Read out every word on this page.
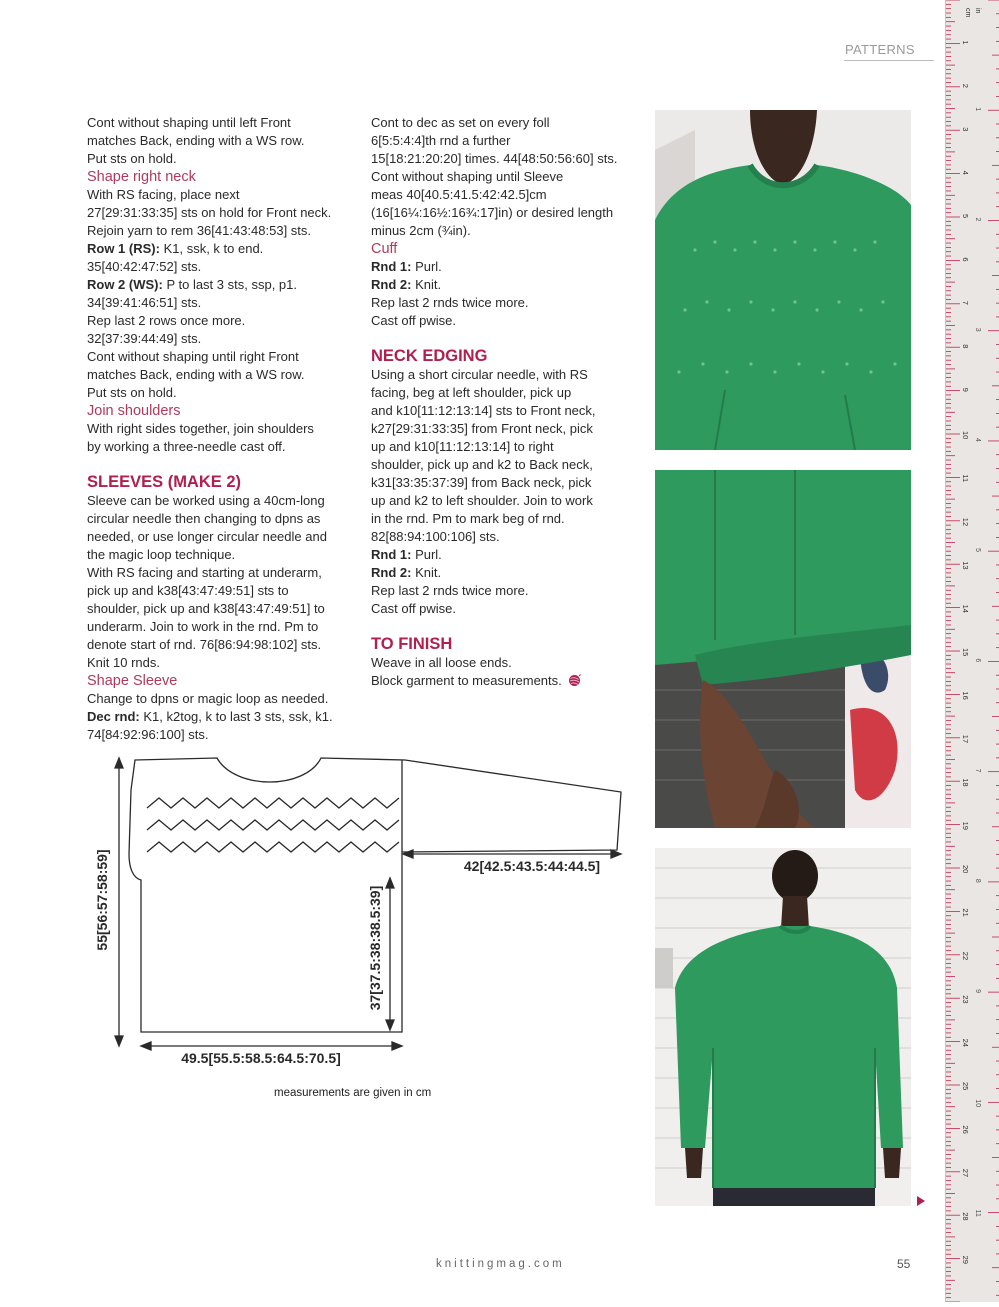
PATTERNS
Cont without shaping until left Front
matches Back, ending with a WS row.
Put sts on hold.
Shape right neck
With RS facing, place next
27[29:31:33:35] sts on hold for Front neck.
Rejoin yarn to rem 36[41:43:48:53] sts.
Row 1 (RS): K1, ssk, k to end.
35[40:42:47:52] sts.
Row 2 (WS): P to last 3 sts, ssp, p1.
34[39:41:46:51] sts.
Rep last 2 rows once more.
32[37:39:44:49] sts.
Cont without shaping until right Front
matches Back, ending with a WS row.
Put sts on hold.
Join shoulders
With right sides together, join shoulders
by working a three-needle cast off.
SLEEVES (MAKE 2)
Sleeve can be worked using a 40cm-long
circular needle then changing to dpns as
needed, or use longer circular needle and
the magic loop technique.
With RS facing and starting at underarm,
pick up and k38[43:47:49:51] sts to
shoulder, pick up and k38[43:47:49:51] to
underarm. Join to work in the rnd. Pm to
denote start of rnd. 76[86:94:98:102] sts.
Knit 10 rnds.
Shape Sleeve
Change to dpns or magic loop as needed.
Dec rnd: K1, k2tog, k to last 3 sts, ssk, k1.
74[84:92:96:100] sts.
Cont to dec as set on every foll
6[5:5:4:4]th rnd a further
15[18:21:20:20] times. 44[48:50:56:60] sts.
Cont without shaping until Sleeve
meas 40[40.5:41.5:42:42.5]cm
(16[16¼:16½:16¾:17]in) or desired length
minus 2cm (¾in).
Cuff
Rnd 1: Purl.
Rnd 2: Knit.
Rep last 2 rnds twice more.
Cast off pwise.
NECK EDGING
Using a short circular needle, with RS
facing, beg at left shoulder, pick up
and k10[11:12:13:14] sts to Front neck,
k27[29:31:33:35] from Front neck, pick
up and k10[11:12:13:14] to right
shoulder, pick up and k2 to Back neck,
k31[33:35:37:39] from Back neck, pick
up and k2 to left shoulder. Join to work
in the rnd. Pm to mark beg of rnd.
82[88:94:100:106] sts.
Rnd 1: Purl.
Rnd 2: Knit.
Rep last 2 rnds twice more.
Cast off pwise.
TO FINISH
Weave in all loose ends.
Block garment to measurements.
55[56:57:58:59]	37[37.5:38:38.5:39]
42[42.5:43.5:44:44.5]
49.5[55.5:58.5:64.5:70.5]
measurements are given in cm
cm in
1
2
3
4
5
6
7
8
9
10
11
12
13
14
15
16
17
18
19
20
21
22
23
24
25
26
27
28
29
1
2
3
4
5
6
7
8
9
10
11
knittingmag.com	55
